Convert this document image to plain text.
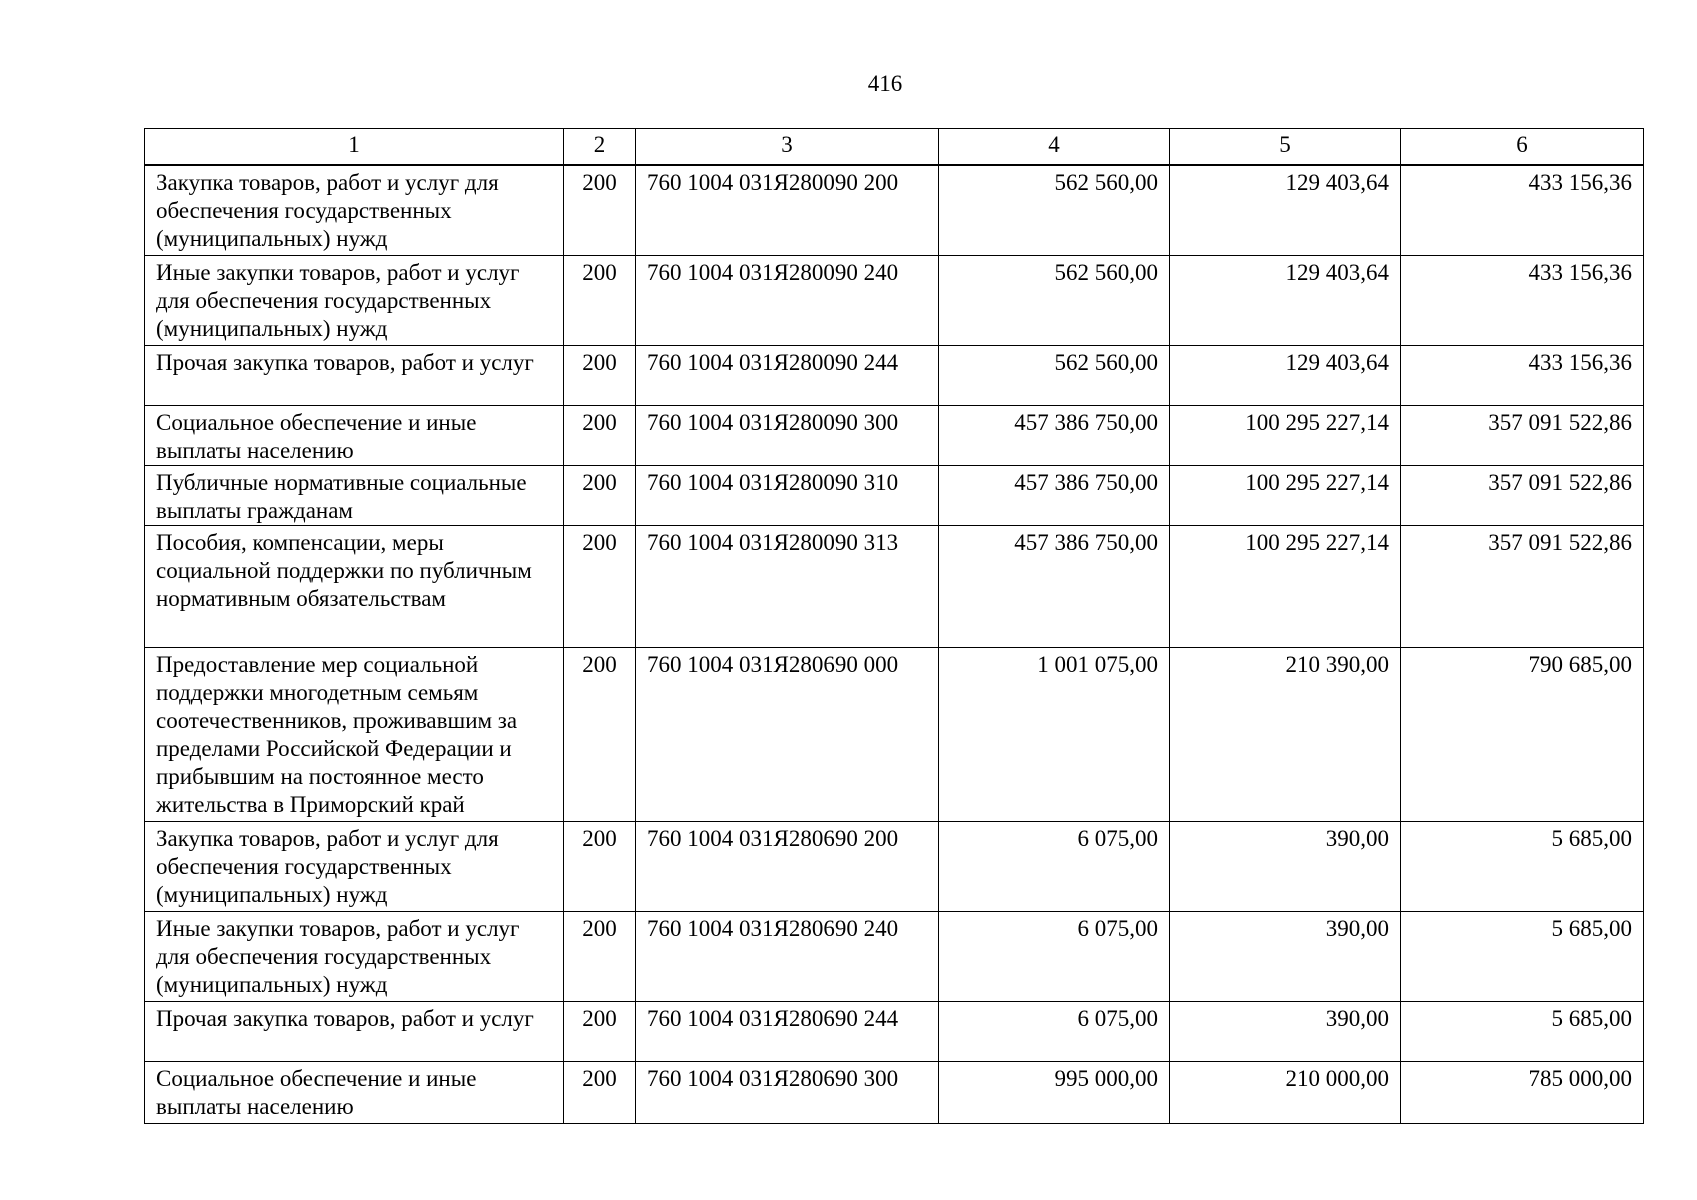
416
1	2	3	4	5	6
Закупка товаров, работ и услуг для обеспечения государственных (муниципальных) нужд	200	760 1004 031Я280090 200	562 560,00	129 403,64	433 156,36
Иные закупки товаров, работ и услуг для обеспечения государственных (муниципальных) нужд	200	760 1004 031Я280090 240	562 560,00	129 403,64	433 156,36
Прочая закупка товаров, работ и услуг	200	760 1004 031Я280090 244	562 560,00	129 403,64	433 156,36
Социальное обеспечение и иные выплаты населению	200	760 1004 031Я280090 300	457 386 750,00	100 295 227,14	357 091 522,86
Публичные нормативные социальные выплаты гражданам	200	760 1004 031Я280090 310	457 386 750,00	100 295 227,14	357 091 522,86
Пособия, компенсации, меры социальной поддержки по публичным нормативным обязательствам	200	760 1004 031Я280090 313	457 386 750,00	100 295 227,14	357 091 522,86
Предоставление мер социальной поддержки многодетным семьям соотечественников, проживавшим за пределами Российской Федерации и прибывшим на постоянное место жительства в Приморский край	200	760 1004 031Я280690 000	1 001 075,00	210 390,00	790 685,00
Закупка товаров, работ и услуг для обеспечения государственных (муниципальных) нужд	200	760 1004 031Я280690 200	6 075,00	390,00	5 685,00
Иные закупки товаров, работ и услуг для обеспечения государственных (муниципальных) нужд	200	760 1004 031Я280690 240	6 075,00	390,00	5 685,00
Прочая закупка товаров, работ и услуг	200	760 1004 031Я280690 244	6 075,00	390,00	5 685,00
Социальное обеспечение и иные выплаты населению	200	760 1004 031Я280690 300	995 000,00	210 000,00	785 000,00
